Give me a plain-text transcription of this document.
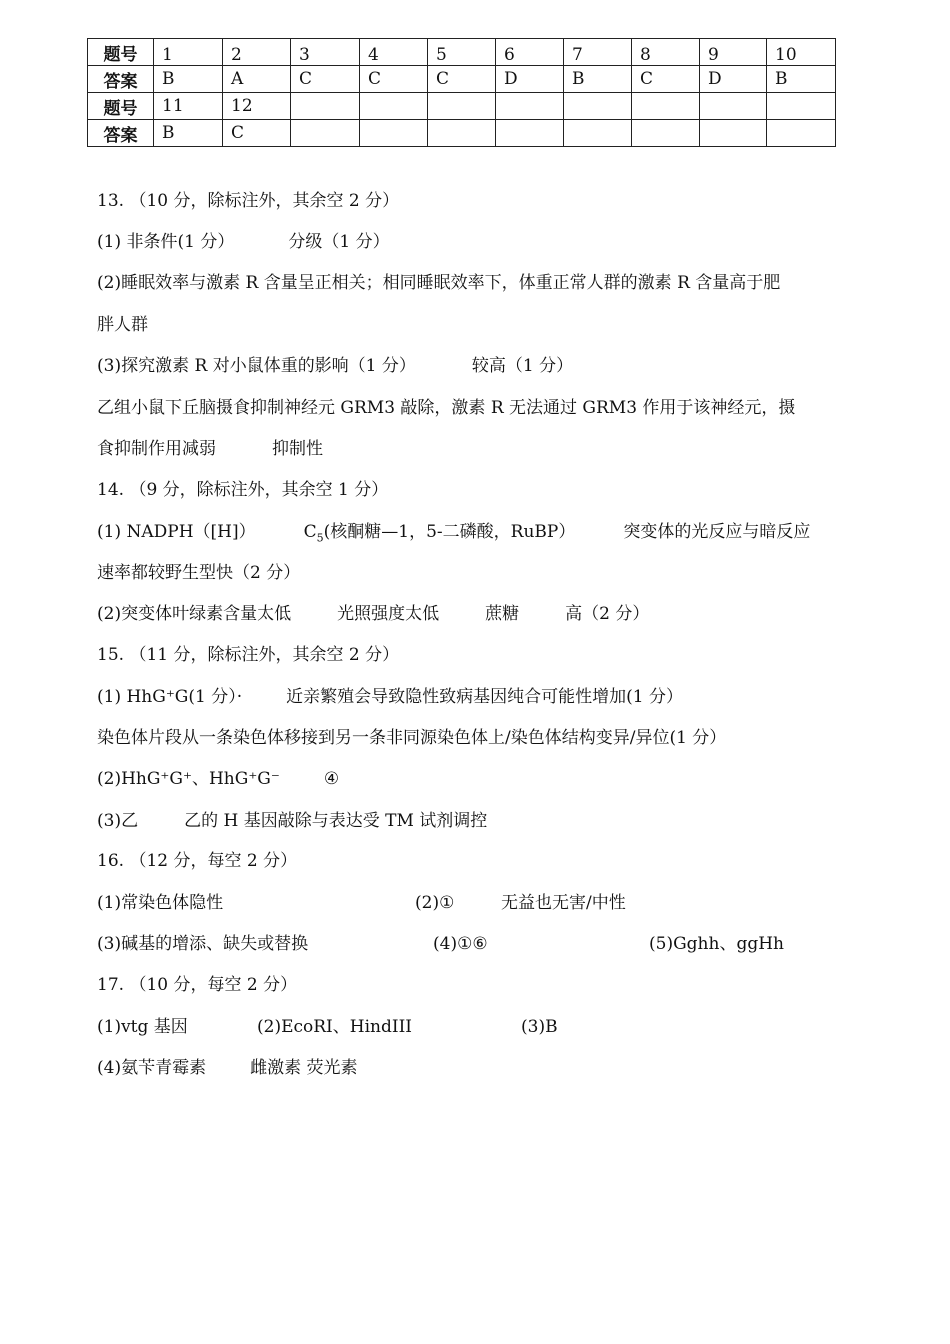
题号	1	2	3	4	5	6	7	8	9	10
答案	B	A	C	C	C	D	B	C	D	B
题号	11	12								
答案	B	C								
13. （10 分，除标注外，其余空 2 分）
(1) 非条件(1 分）	分级（1 分）
(2)睡眠效率与激素 R 含量呈正相关；相同睡眠效率下，体重正常人群的激素 R 含量高于肥
胖人群
(3)探究激素 R 对小鼠体重的影响（1 分）	较高（1 分）
乙组小鼠下丘脑摄食抑制神经元 GRM3 敲除，激素 R 无法通过 GRM3 作用于该神经元，摄
食抑制作用减弱	抑制性
14. （9 分，除标注外，其余空 1 分）
(1) NADPH（[H]）	$C_5$(核酮糖—1，5-二磷酸，RuBP）	突变体的光反应与暗反应
速率都较野生型快（2 分）
(2)突变体叶绿素含量太低	光照强度太低	蔗糖	高（2 分）
15. （11 分，除标注外，其余空 2 分）
(1) HhG⁺G(1 分）·	近亲繁殖会导致隐性致病基因纯合可能性增加(1 分）
染色体片段从一条染色体移接到另一条非同源染色体上/染色体结构变异/异位(1 分）
(2)HhG⁺G⁺、HhG⁺G⁻	④
(3)乙	乙的 H 基因敲除与表达受 TM 试剂调控
16. （12 分，每空 2 分）
(1)常染色体隐性	(2)①	无益也无害/中性
(3)碱基的增添、缺失或替换	(4)①⑥	(5)Gghh、ggHh
17. （10 分，每空 2 分）
(1)vtg 基因	(2)EcoRI、HindIII	(3)B
(4)氨苄青霉素	雌激素 荧光素
